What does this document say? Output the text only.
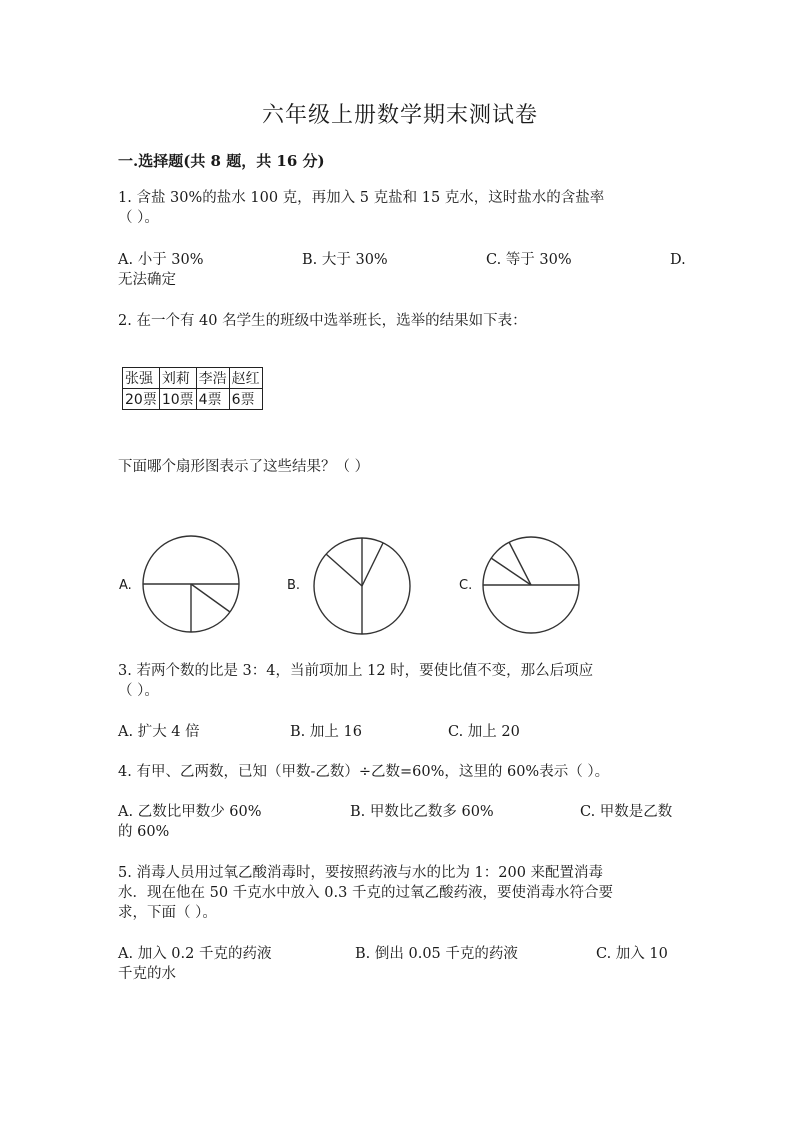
六年级上册数学期末测试卷
一.选择题(共 8 题，共 16 分)
1. 含盐 30%的盐水 100 克，再加入 5 克盐和 15 克水，这时盐水的含盐率
（ ）。
A. 小于 30%	B. 大于 30%	C. 等于 30%	D.
无法确定
2. 在一个有 40 名学生的班级中选举班长，选举的结果如下表：
张强	刘莉	李浩	赵红
20票	10票	4票	6票
下面哪个扇形图表示了这些结果？（ ）
A.	B.	C.
3. 若两个数的比是 3：4，当前项加上 12 时，要使比值不变，那么后项应
（ ）。
A. 扩大 4 倍	B. 加上 16	C. 加上 20
4. 有甲、乙两数，已知（甲数-乙数）÷乙数=60%，这里的 60%表示（ ）。
A. 乙数比甲数少 60%	B. 甲数比乙数多 60%	C. 甲数是乙数
的 60%
5. 消毒人员用过氧乙酸消毒时，要按照药液与水的比为 1：200 来配置消毒
水．现在他在 50 千克水中放入 0.3 千克的过氧乙酸药液，要使消毒水符合要
求，下面（ ）。
A. 加入 0.2 千克的药液	B. 倒出 0.05 千克的药液	C. 加入 10
千克的水
